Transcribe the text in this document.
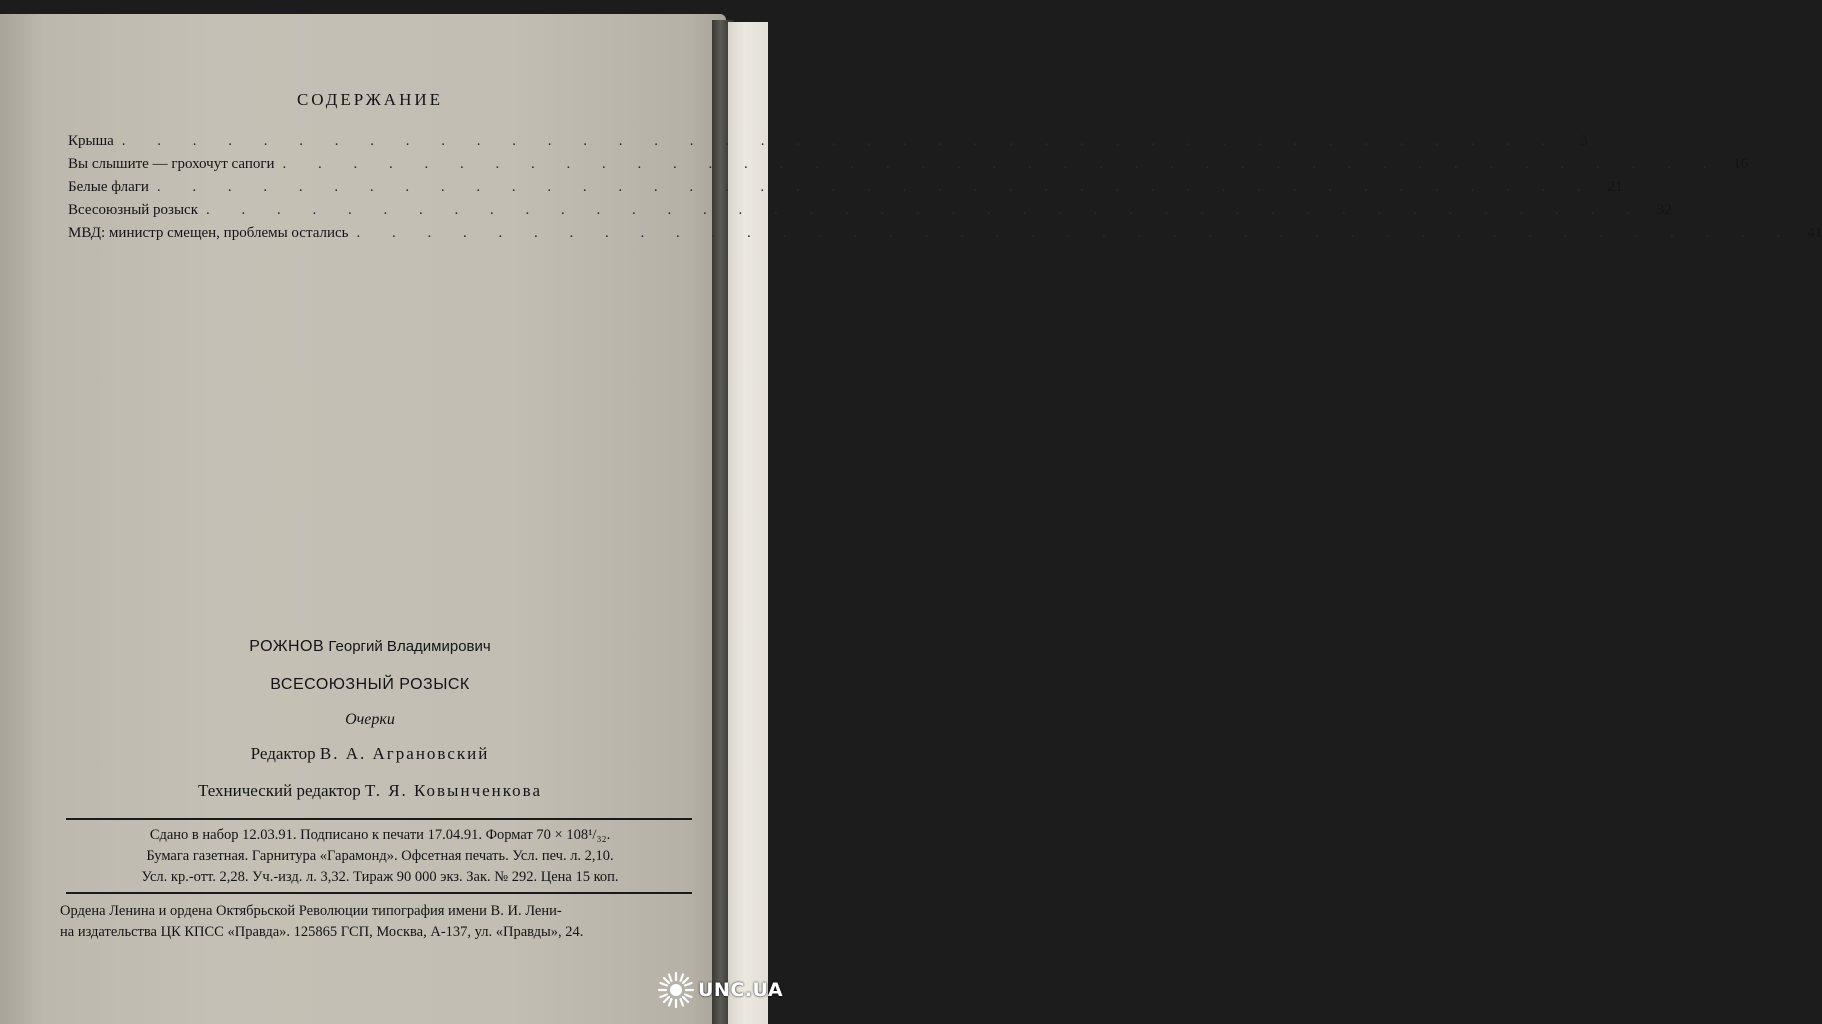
СОДЕРЖАНИЕ
Крыша . . . . . . . . . . . . . . . . . . . . . . . . . . . . . . . . . . . . . . . . .	3
Вы слышите — грохочут сапоги . . . . . . . . . . . . . . . . . . . . . . . . . . . . . . . . . . . . . . . . . 16
Белые флаги . . . . . . . . . . . . . . . . . . . . . . . . . . . . . . . . . . . . . . . . . 21
Всесоюзный розыск . . . . . . . . . . . . . . . . . . . . . . . . . . . . . . . . . . . . . . . . . 32
МВД: министр смещен, проблемы остались . . . . . . . . . . . . . . . . . . . . . . . . . . . . . . . . . . . . . . . . . 41
РОЖНОВ Георгий Владимирович
ВСЕСОЮЗНЫЙ РОЗЫСК
Очерки
Редактор В. А. Аграновский
Технический редактор Т. Я. Ковынченкова
Сдано в набор 12.03.91. Подписано к печати 17.04.91. Формат 70 × 108¹/₃₂.
Бумага газетная. Гарнитура «Гарамонд». Офсетная печать. Усл. печ. л. 2,10.
Усл. кр.-отт. 2,28. Уч.-изд. л. 3,32. Тираж 90 000 экз. Зак. № 292. Цена 15 коп.
Ордена Ленина и ордена Октябрьской Революции типография имени В. И. Лени-
на издательства ЦК КПСС «Правда». 125865 ГСП, Москва, А-137, ул. «Правды», 24.
UNC.UA
